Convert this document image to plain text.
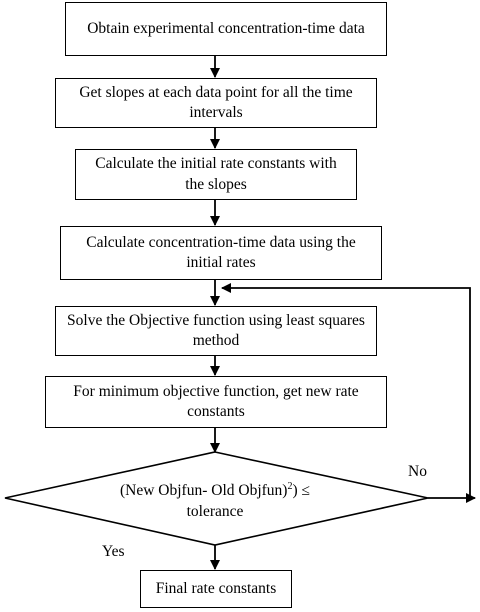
Obtain experimental concentration-time data
Get slopes at each data point for all the time intervals
Calculate the initial rate constants with the slopes
Calculate concentration-time data using the initial rates
Solve the Objective function using least squares method
For minimum objective function, get new rate constants
(New Objfun- Old Objfun)$^2$) ≤
tolerance
No
Yes
Final rate constants
